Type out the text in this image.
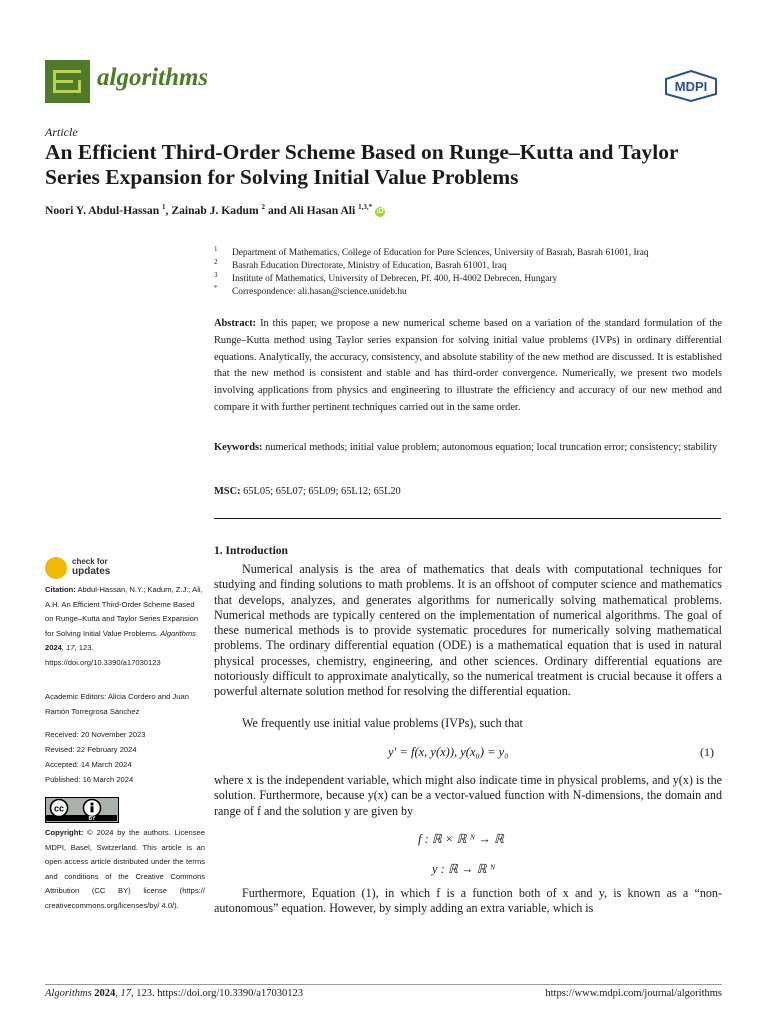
algorithms	MDPI
Article
An Efficient Third-Order Scheme Based on Runge–Kutta and Taylor Series Expansion for Solving Initial Value Problems
Noori Y. Abdul-Hassan $^1$, Zainab J. Kadum $^2$ and Ali Hasan Ali $^{1,3,*}$ iD
1 Department of Mathematics, College of Education for Pure Sciences, University of Basrah, Basrah 61001, Iraq
2 Basrah Education Directorate, Ministry of Education, Basrah 61001, Iraq
3 Institute of Mathematics, University of Debrecen, Pf. 400, H-4002 Debrecen, Hungary
* Correspondence: ali.hasan@science.unideb.hu
Abstract: In this paper, we propose a new numerical scheme based on a variation of the standard formulation of the Runge–Kutta method using Taylor series expansion for solving initial value problems (IVPs) in ordinary differential equations. Analytically, the accuracy, consistency, and absolute stability of the new method are discussed. It is established that the new method is consistent and stable and has third-order convergence. Numerically, we present two models involving applications from physics and engineering to illustrate the efficiency and accuracy of our new method and compare it with further pertinent techniques carried out in the same order.
Keywords: numerical methods; initial value problem; autonomous equation; local truncation error; consistency; stability
MSC: 65L05; 65L07; 65L09; 65L12; 65L20
check for
updates
Citation: Abdul-Hassan, N.Y.; Kadum, Z.J.; Ali, A.H. An Efficient Third-Order Scheme Based on Runge–Kutta and Taylor Series Expansion for Solving Initial Value Problems. Algorithms 2024, 17, 123. https://doi.org/10.3390/a17030123
Academic Editors: Alicia Cordero and Juan Ramón Torregrosa Sánchez
Received: 20 November 2023
Revised: 22 February 2024
Accepted: 14 March 2024
Published: 16 March 2024
cc
BY
Copyright: © 2024 by the authors. Licensee MDPI, Basel, Switzerland. This article is an open access article distributed under the terms and conditions of the Creative Commons Attribution (CC BY) license (https:// creativecommons.org/licenses/by/ 4.0/).
1. Introduction
Numerical analysis is the area of mathematics that deals with computational techniques for studying and finding solutions to math problems. It is an offshoot of computer science and mathematics that develops, analyzes, and generates algorithms for numerically solving mathematical problems. Numerical methods are typically centered on the implementation of numerical algorithms. The goal of these numerical methods is to provide systematic procedures for numerically solving mathematical problems. The ordinary differential equation (ODE) is a mathematical equation that is used in natural physical processes, chemistry, engineering, and other sciences. Ordinary differential equations are notoriously difficult to approximate analytically, so the numerical treatment is crucial because it offers a powerful alternate solution method for resolving the differential equation.
We frequently use initial value problems (IVPs), such that
y′ = f(x, y(x)), y(x₀) = y₀	(1)
where x is the independent variable, which might also indicate time in physical problems, and y(x) is the solution. Furthermore, because y(x) can be a vector-valued function with N-dimensions, the domain and range of f and the solution y are given by
f : ℝ × ℝ ᴺ → ℝ
y : ℝ → ℝ ᴺ
Furthermore, Equation (1), in which f is a function both of x and y, is known as a “non-autonomous” equation. However, by simply adding an extra variable, which is
Algorithms 2024, 17, 123. https://doi.org/10.3390/a17030123	https://www.mdpi.com/journal/algorithms
